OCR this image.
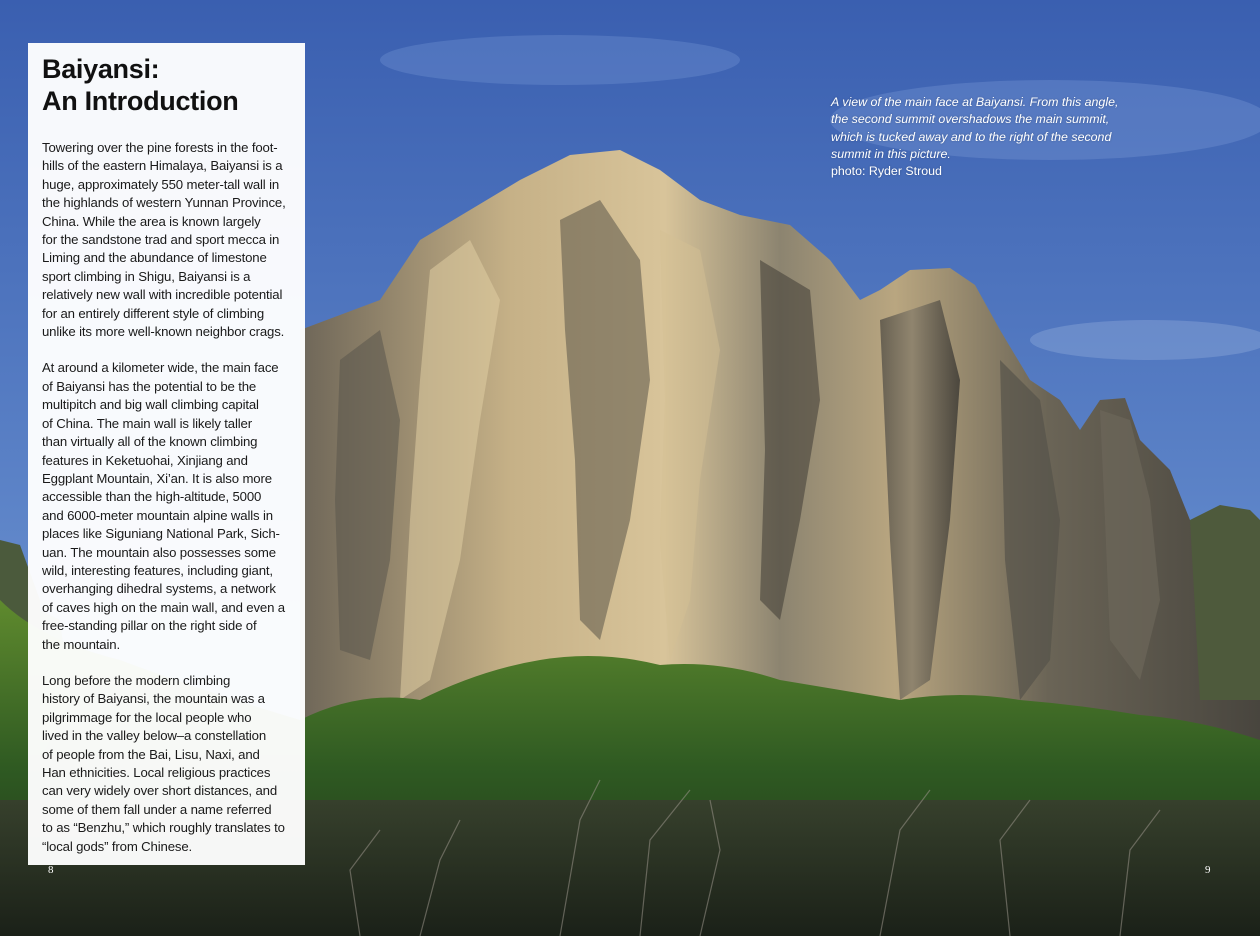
Baiyansi:
An Introduction

Towering over the pine forests in the foot-
hills of the eastern Himalaya, Baiyansi is a
huge, approximately 550 meter-tall wall in
the highlands of western Yunnan Province,
China. While the area is known largely
for the sandstone trad and sport mecca in
Liming and the abundance of limestone
sport climbing in Shigu, Baiyansi is a
relatively new wall with incredible potential
for an entirely different style of climbing
unlike its more well-known neighbor crags.

At around a kilometer wide, the main face
of Baiyansi has the potential to be the
multipitch and big wall climbing capital
of China. The main wall is likely taller
than virtually all of the known climbing
features in Keketuohai, Xinjiang and
Eggplant Mountain, Xi’an. It is also more
accessible than the high-altitude, 5000
and 6000-meter mountain alpine walls in
places like Siguniang National Park, Sich-
uan. The mountain also possesses some
wild, interesting features, including giant,
overhanging dihedral systems, a network
of caves high on the main wall, and even a
free-standing pillar on the right side of
the mountain.

Long before the modern climbing
history of Baiyansi, the mountain was a
pilgrimmage for the local people who
lived in the valley below–a constellation
of people from the Bai, Lisu, Naxi, and
Han ethnicities. Local religious practices
can very widely over short distances, and
some of them fall under a name referred
to as “Benzhu,” which roughly translates to
“local gods” from Chinese.

A view of the main face at Baiyansi. From this angle,
the second summit overshadows the main summit,
which is tucked away and to the right of the second
summit in this picture.

photo: Ryder Stroud

8	9
